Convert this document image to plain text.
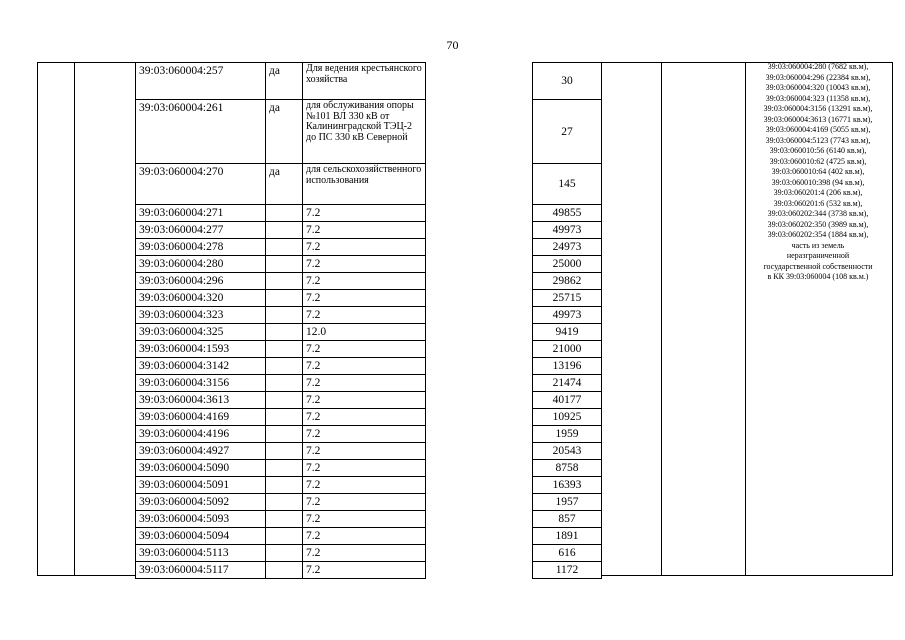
70
39:03:060004:257	да	Для ведения крестьянского хозяйства		30
39:03:060004:261	да	для обслуживания опоры №101 ВЛ 330 кВ от Калининградской ТЭЦ-2 до ПС 330 кВ Северной		27
39:03:060004:270	да	для сельскохозяйственного использования		145
39:03:060004:271		7.2		49855
39:03:060004:277		7.2		49973
39:03:060004:278		7.2		24973
39:03:060004:280		7.2		25000
39:03:060004:296		7.2		29862
39:03:060004:320		7.2		25715
39:03:060004:323		7.2		49973
39:03:060004:325		12.0		9419
39:03:060004:1593		7.2		21000
39:03:060004:3142		7.2		13196
39:03:060004:3156		7.2		21474
39:03:060004:3613		7.2		40177
39:03:060004:4169		7.2		10925
39:03:060004:4196		7.2		1959
39:03:060004:4927		7.2		20543
39:03:060004:5090		7.2		8758
39:03:060004:5091		7.2		16393
39:03:060004:5092		7.2		1957
39:03:060004:5093		7.2		857
39:03:060004:5094		7.2		1891
39:03:060004:5113		7.2		616
39:03:060004:5117		7.2		1172
39:03:060004:280 (7682 кв.м),
39:03:060004:296 (22384 кв.м),
39:03:060004:320 (10043 кв.м),
39:03:060004:323 (11358 кв.м),
39:03:060004:3156 (13291 кв.м),
39:03:060004:3613 (16771 кв.м),
39:03:060004:4169 (5055 кв.м),
39:03:060004:5123 (7743 кв.м),
39:03:060010:56 (6140 кв.м),
39:03:060010:62 (4725 кв.м),
39:03:060010:64 (402 кв.м),
39:03:060010:398 (94 кв.м),
39:03:060201:4 (206 кв.м),
39:03:060201:6 (532 кв.м),
39:03:060202:344 (3738 кв.м),
39:03:060202:350 (3989 кв.м),
39:03:060202:354 (1884 кв.м),
часть из земель
неразграниченной
государственной собственности
в КК 39:03:060004 (108 кв.м.)
